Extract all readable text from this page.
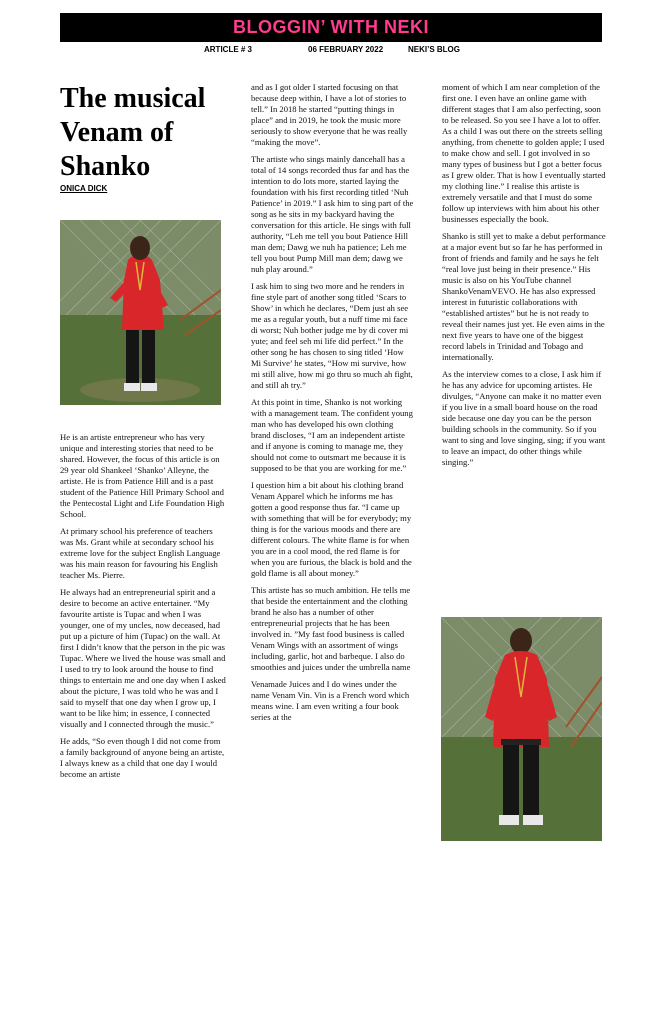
BLOGGIN’ WITH NEKI
ARTICLE # 3	06 FEBRUARY 2022	NEKI’S BLOG
The musical Venam of Shanko
ONICA DICK

He is an artiste entrepreneur who has very unique and interesting stories that need to be shared. However, the focus of this article is on 29 year old Shankeel ‘Shanko’ Alleyne, the artiste. He is from Patience Hill and is a past student of the Patience Hill Primary School and the Pentecostal Light and Life Foundation High School.

At primary school his preference of teachers was Ms. Grant while at secondary school his extreme love for the subject English Language was his main reason for favouring his English teacher Ms. Pierre.

He always had an entrepreneurial spirit and a desire to become an active entertainer. “My favourite artiste is Tupac and when I was younger, one of my uncles, now deceased, had put up a picture of him (Tupac) on the wall. At first I didn’t know that the person in the pic was Tupac. Where we lived the house was small and I used to try to look around the house to find things to entertain me and one day when I asked about the picture, I was told who he was and I said to myself that one day when I grow up, I want to be like him; in essence, I connected visually and I connected through the music.”

He adds, “So even though I did not come from a family background of anyone being an artiste, I always knew as a child that one day I would become an artiste

and as I got older I started focusing on that because deep within, I have a lot of stories to tell.” In 2018 he started “putting things in place” and in 2019, he took the music more seriously to show everyone that he was really “making the move”.

The artiste who sings mainly dancehall has a total of 14 songs recorded thus far and has the intention to do lots more, started laying the foundation with his first recording titled ‘Nuh Patience’ in 2019.” I ask him to sing part of the song as he sits in my backyard having the conversation for this article. He sings with full authority, “Leh me tell you bout Patience Hill man dem; Dawg we nuh ha patience; Leh me tell you bout Pump Mill man dem; dawg we nuh play around.”

I ask him to sing two more and he renders in fine style part of another song titled ‘Scars to Show’ in which he declares, “Dem just ah see me as a regular youth, but a nuff time mi face di worst; Nuh bother judge me by di cover mi yute; and feel seh mi life did perfect.” In the other song he has chosen to sing titled ‘How Mi Survive’ he states, “How mi survive, how mi still alive, how mi go thru so much ah fight, and still ah try.”

At this point in time, Shanko is not working with a management team. The confident young man who has developed his own clothing brand discloses, “I am an independent artiste and if anyone is coming to manage me, they should not come to outsmart me because it is supposed to be that you are working for me.”

I question him a bit about his clothing brand Venam Apparel which he informs me has gotten a good response thus far. “I came up with something that will be for everybody; my thing is for the various moods and there are different colours. The white flame is for when you are in a cool mood, the red flame is for when you are furious, the black is bold and the gold flame is all about money.”

This artiste has so much ambition. He tells me that beside the entertainment and the clothing brand he also has a number of other entrepreneurial projects that he has been involved in. ”My fast food business is called Venam Wings with an assortment of wings including, garlic, hot and barbeque. I also do smoothies and juices under the umbrella name

Venamade Juices and I do wines under the name Venam Vin. Vin is a French word which means wine. I am even writing a four book series at the

moment of which I am near completion of the first one. I even have an online game with different stages that I am also perfecting, soon to be released. So you see I have a lot to offer. As a child I was out there on the streets selling anything, from chenette to golden apple; I used to make chow and sell. I got involved in so many types of business but I got a better focus as I grew older. That is how I eventually started my clothing line.” I realise this artiste is extremely versatile and that I must do some follow up interviews with him about his other businesses especially the book.

Shanko is still yet to make a debut performance at a major event but so far he has performed in front of friends and family and he says he felt “real love just being in their presence.” His music is also on his YouTube channel ShankoVenamVEVO. He has also expressed interest in futuristic collaborations with “established artistes” but he is not ready to reveal their names just yet. He even aims in the next five years to have one of the biggest record labels in Trinidad and Tobago and internationally.

As the interview comes to a close, I ask him if he has any advice for upcoming artistes. He divulges, “Anyone can make it no matter even if you live in a small board house on the road side because one day you can be the person building schools in the community. So if you want to sing and love singing, sing; if you want to leave an impact, do other things while singing.”
